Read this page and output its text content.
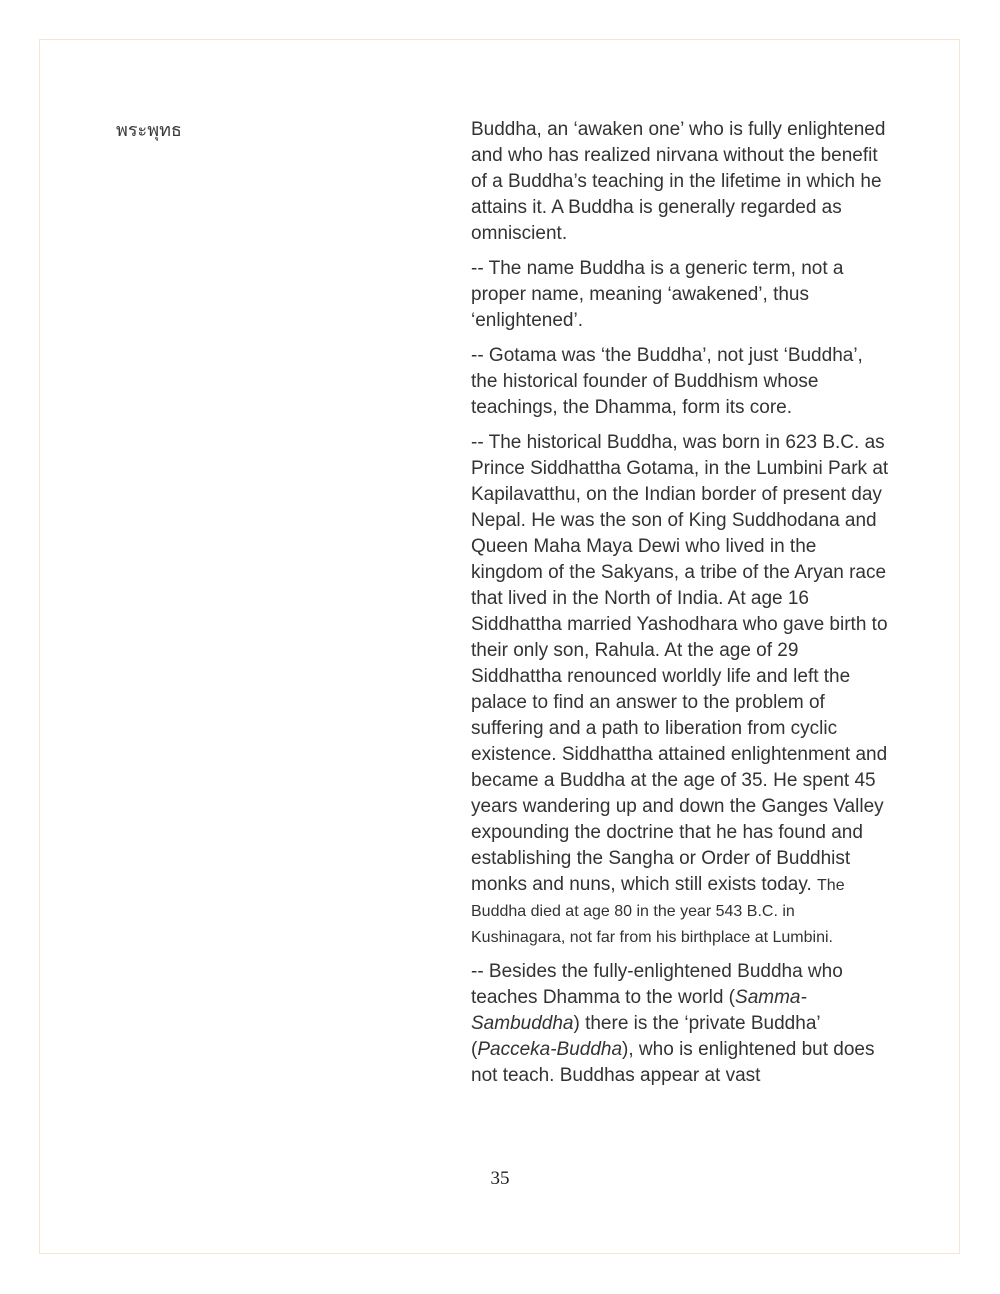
พระพุทธ	Buddha, an ‘awaken one’ who is fully enlightened and who has realized nirvana without the benefit of a Buddha’s teaching in the lifetime in which he attains it. A Buddha is generally regarded as omniscient.

-- The name Buddha is a generic term, not a proper name, meaning ‘awakened’, thus ‘enlightened’.

-- Gotama was ‘the Buddha’, not just ‘Buddha’, the historical founder of Buddhism whose teachings, the Dhamma, form its core.

-- The historical Buddha, was born in 623 B.C. as Prince Siddhattha Gotama, in the Lumbini Park at Kapilavatthu, on the Indian border of present day Nepal. He was the son of King Suddhodana and Queen Maha Maya Dewi who lived in the kingdom of the Sakyans, a tribe of the Aryan race that lived in the North of India. At age 16 Siddhattha married Yashodhara who gave birth to their only son, Rahula. At the age of 29 Siddhattha renounced worldly life and left the palace to find an answer to the problem of suffering and a path to liberation from cyclic existence. Siddhattha attained enlightenment and became a Buddha at the age of 35. He spent 45 years wandering up and down the Ganges Valley expounding the doctrine that he has found and establishing the Sangha or Order of Buddhist monks and nuns, which still exists today. The Buddha died at age 80 in the year 543 B.C. in Kushinagara, not far from his birthplace at Lumbini.

-- Besides the fully-enlightened Buddha who teaches Dhamma to the world (Samma-Sambuddha) there is the ‘private Buddha’ (Pacceka-Buddha), who is enlightened but does not teach. Buddhas appear at vast

35
